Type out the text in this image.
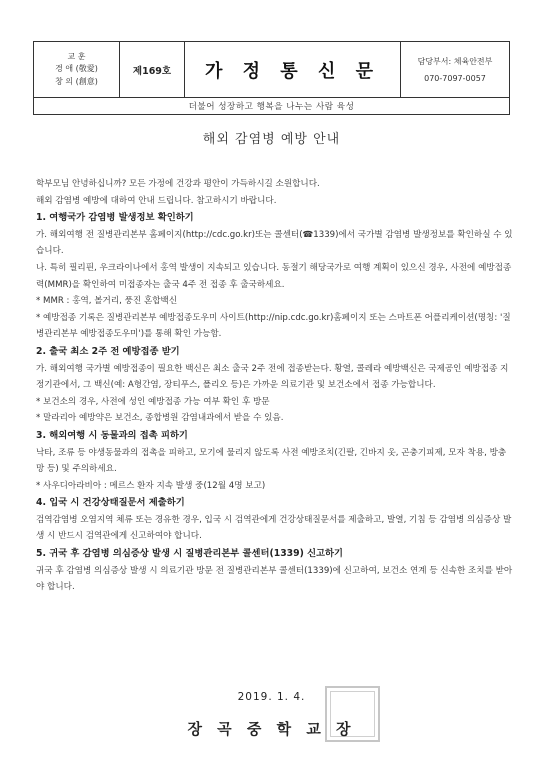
교 훈
경 애 (敬愛)
창 의 (創意)
제169호	가 정 통 신 문	담당부서: 체육안전부
070-7097-0057
더불어 성장하고 행복을 나누는 사람 육성
해외 감염병 예방 안내

학부모님 안녕하십니까? 모든 가정에 건강과 평안이 가득하시길 소원합니다.

해외 감염병 예방에 대하여 안내 드립니다. 참고하시기 바랍니다.

1. 여행국가 감염병 발생정보 확인하기

가. 해외여행 전 질병관리본부 홈페이지(http://cdc.go.kr)또는 콜센터(☎1339)에서 국가별 감염병 발생정보를 확인하실 수 있습니다.

나. 특히 필리핀, 우크라이나에서 홍역 발생이 지속되고 있습니다. 동절기 해당국가로 여행 계획이 있으신 경우, 사전에 예방접종력(MMR)을 확인하여 미접종자는 출국 4주 전 접종 후 출국하세요.

* MMR : 홍역, 볼거리, 풍진 혼합백신

* 예방접종 기록은 질병관리본부 예방접종도우미 사이트(http://nip.cdc.go.kr)홈페이지 또는 스마트폰 어플리케이션(명칭: '질병관리본부 예방접종도우미')를 통해 확인 가능함.

2. 출국 최소 2주 전 예방접종 받기

가. 해외여행 국가별 예방접종이 필요한 백신은 최소 출국 2주 전에 접종받는다. 황열, 콜레라 예방백신은 국제공인 예방접종 지정기관에서, 그 백신(예: A형간염, 장티푸스, 폴리오 등)은 가까운 의료기관 및 보건소에서 접종 가능합니다.

* 보건소의 경우, 사전에 성인 예방접종 가능 여부 확인 후 방문

* 말라리아 예방약은 보건소, 종합병원 감염내과에서 받을 수 있음.

3. 해외여행 시 동물과의 접촉 피하기

낙타, 조류 등 야생동물과의 접촉을 피하고, 모기에 물리지 않도록 사전 예방조치(긴팔, 긴바지 옷, 곤충기피제, 모자 착용, 방충망 등) 및 주의하세요.

* 사우디아라비아 : 메르스 환자 지속 발생 중(12월 4명 보고)

4. 입국 시 건강상태질문서 제출하기

검역감염병 오염지역 체류 또는 경유한 경우, 입국 시 검역관에게 건강상태질문서를 제출하고, 발열, 기침 등 감염병 의심증상 발생 시 반드시 검역관에게 신고하여야 합니다.

5. 귀국 후 감염병 의심증상 발생 시 질병관리본부 콜센터(1339) 신고하기

귀국 후 감염병 의심증상 발생 시 의료기관 방문 전 질병관리본부 콜센터(1339)에 신고하여, 보건소 연계 등 신속한 조치를 받아야 합니다.

2019. 1. 4.
장 곡 중 학 교 장
